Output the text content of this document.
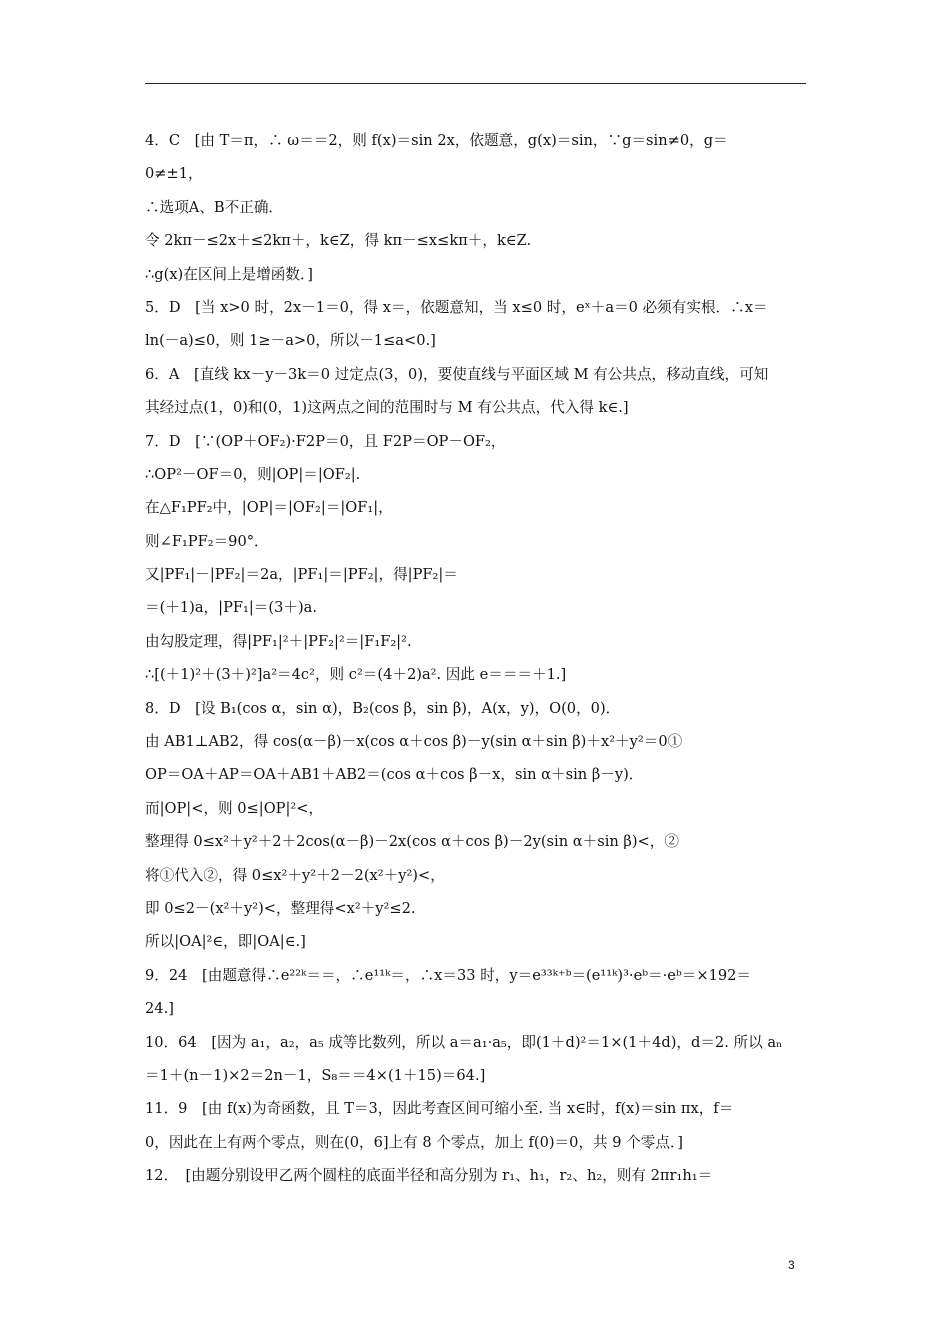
4．C　[由 T＝π，∴ ω＝＝2，则 f(x)＝sin 2x，依题意，g(x)＝sin，∵g＝sin≠0，g＝
0≠±1，
∴选项A、B不正确．
令 2kπ－≤2x＋≤2kπ＋，k∈Z，得 kπ－≤x≤kπ＋，k∈Z.
∴g(x)在区间上是增函数．]
5．D　[当 x>0 时，2x－1＝0，得 x＝，依题意知，当 x≤0 时，eˣ＋a＝0 必须有实根．∴x＝
ln(－a)≤0，则 1≥－a>0，所以－1≤a<0.]
6．A　[直线 kx－y－3k＝0 过定点(3，0)，要使直线与平面区域 M 有公共点，移动直线，可知
其经过点(1，0)和(0，1)这两点之间的范围时与 M 有公共点，代入得 k∈.]
7．D　[∵(OP＋OF₂)·F2P＝0，且 F2P＝OP－OF₂，
∴OP²－OF＝0，则|OP|＝|OF₂|.
在△F₁PF₂中，|OP|＝|OF₂|＝|OF₁|，
则∠F₁PF₂＝90°．
又|PF₁|－|PF₂|＝2a，|PF₁|＝|PF₂|，得|PF₂|＝
＝(＋1)a，|PF₁|＝(3＋)a.
由勾股定理，得|PF₁|²＋|PF₂|²＝|F₁F₂|².
∴[(＋1)²＋(3＋)²]a²＝4c²，则 c²＝(4＋2)a². 因此 e＝＝＝＋1.]
8．D　[设 B₁(cos α，sin α)，B₂(cos β，sin β)，A(x，y)，O(0，0)．
由 AB1⊥AB2，得 cos(α－β)－x(cos α＋cos β)－y(sin α＋sin β)＋x²＋y²＝0①
OP＝OA＋AP＝OA＋AB1＋AB2＝(cos α＋cos β－x，sin α＋sin β－y)．
而|OP|<，则 0≤|OP|²<，
整理得 0≤x²＋y²＋2＋2cos(α－β)－2x(cos α＋cos β)－2y(sin α＋sin β)<，②
将①代入②，得 0≤x²＋y²＋2－2(x²＋y²)<，
即 0≤2－(x²＋y²)<，整理得<x²＋y²≤2.
所以|OA|²∈，即|OA|∈.]
9．24　[由题意得∴e²²ᵏ＝＝，∴e¹¹ᵏ＝，∴x＝33 时，y＝e³³ᵏ⁺ᵇ＝(e¹¹ᵏ)³·eᵇ＝·eᵇ＝×192＝
24.]
10．64　[因为 a₁，a₂，a₅ 成等比数列，所以 a＝a₁·a₅，即(1＋d)²＝1×(1＋4d)，d＝2. 所以 aₙ
＝1＋(n－1)×2＝2n－1，S₈＝＝4×(1＋15)＝64.]
11．9　[由 f(x)为奇函数，且 T＝3，因此考查区间可缩小至. 当 x∈时，f(x)＝sin πx，f＝
0，因此在上有两个零点，则在(0，6]上有 8 个零点，加上 f(0)＝0，共 9 个零点．]
12．　[由题分别设甲乙两个圆柱的底面半径和高分别为 r₁、h₁，r₂、h₂，则有 2πr₁h₁＝
3
